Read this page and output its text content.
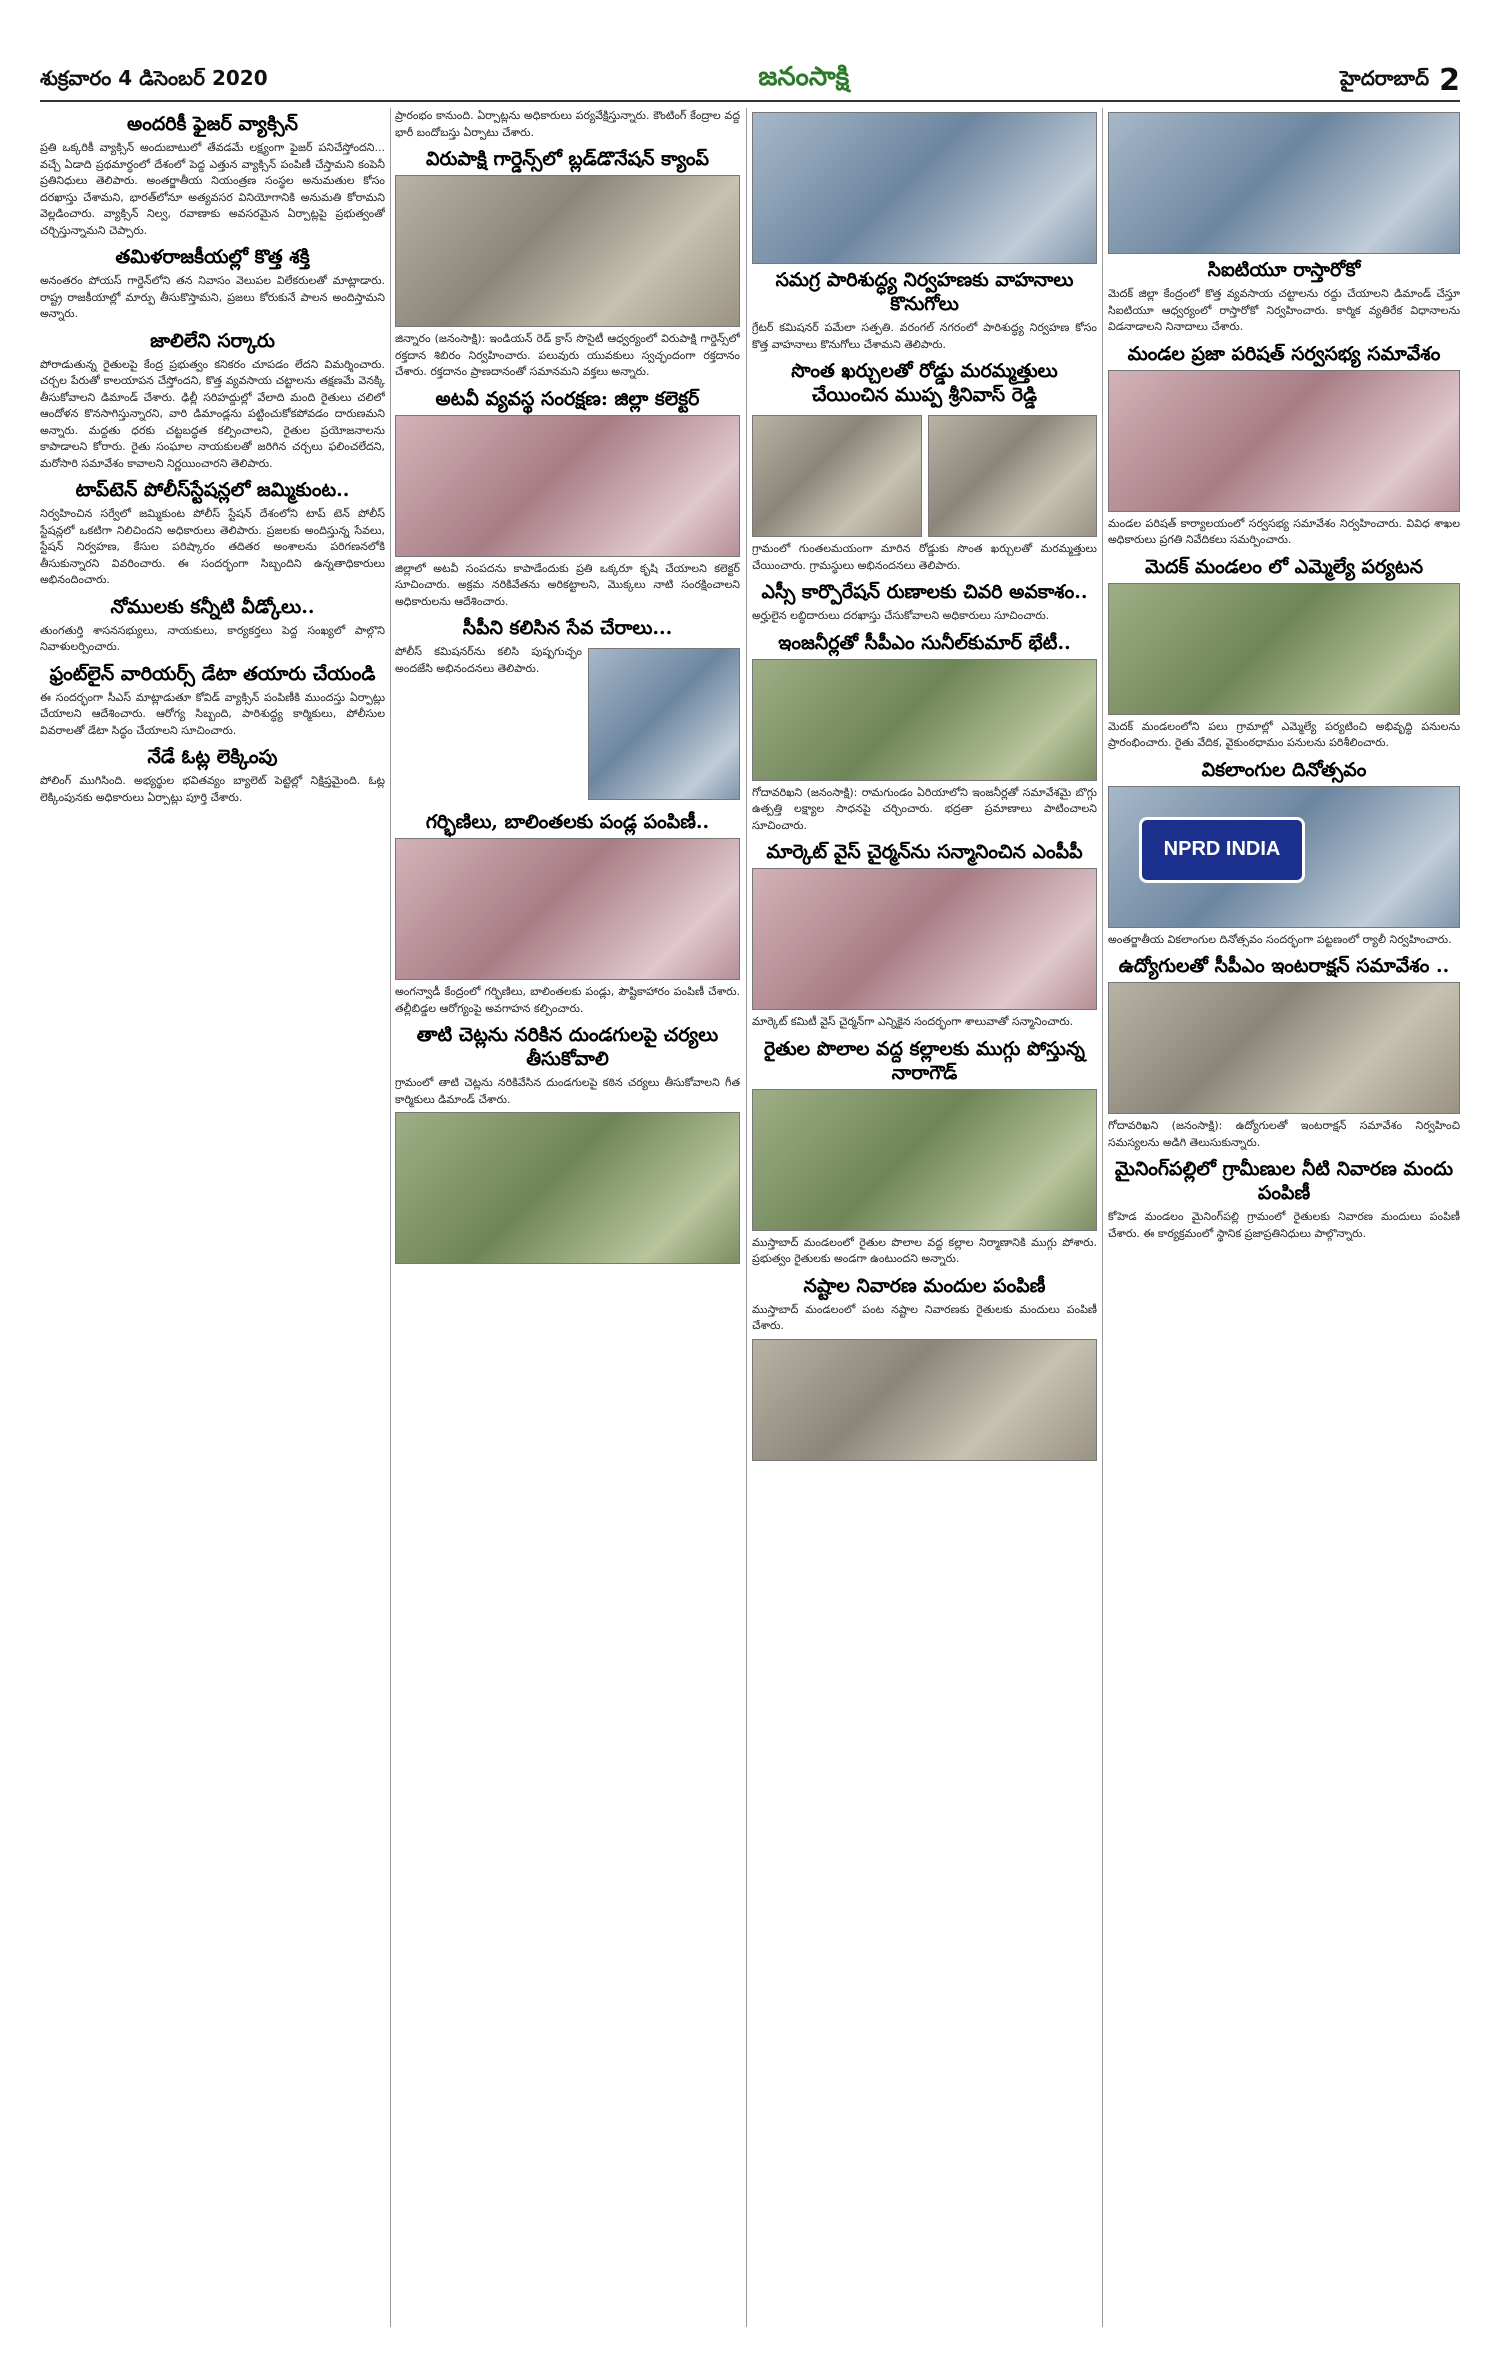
శుక్రవారం 4 డిసెంబర్ 2020	జనంసాక్షి	హైదరాబాద్ 2
అందరికీ ఫైజర్ వ్యాక్సిన్

ప్రతి ఒక్కరికీ వ్యాక్సిన్ అందుబాటులో తేవడమే లక్ష్యంగా ఫైజర్ పనిచేస్తోందని... వచ్చే ఏడాది ప్రథమార్ధంలో దేశంలో పెద్ద ఎత్తున వ్యాక్సిన్ పంపిణీ చేస్తామని కంపెనీ ప్రతినిధులు తెలిపారు. అంతర్జాతీయ నియంత్రణ సంస్థల అనుమతుల కోసం దరఖాస్తు చేశామని, భారత్‌లోనూ అత్యవసర వినియోగానికి అనుమతి కోరామని వెల్లడించారు. వ్యాక్సిన్ నిల్వ, రవాణాకు అవసరమైన ఏర్పాట్లపై ప్రభుత్వంతో చర్చిస్తున్నామని చెప్పారు.

తమిళరాజకీయల్లో కొత్త శక్తి

అనంతరం పోయస్ గార్డెన్‌లోని తన నివాసం వెలుపల విలేకరులతో మాట్లాడారు. రాష్ట్ర రాజకీయాల్లో మార్పు తీసుకొస్తామని, ప్రజలు కోరుకునే పాలన అందిస్తామని అన్నారు.

జాలిలేని సర్కారు

పోరాడుతున్న రైతులపై కేంద్ర ప్రభుత్వం కనికరం చూపడం లేదని విమర్శించారు. చర్చల పేరుతో కాలయాపన చేస్తోందని, కొత్త వ్యవసాయ చట్టాలను తక్షణమే వెనక్కి తీసుకోవాలని డిమాండ్ చేశారు. ఢిల్లీ సరిహద్దుల్లో వేలాది మంది రైతులు చలిలో ఆందోళన కొనసాగిస్తున్నారని, వారి డిమాండ్లను పట్టించుకోకపోవడం దారుణమని అన్నారు. మద్దతు ధరకు చట్టబద్ధత కల్పించాలని, రైతుల ప్రయోజనాలను కాపాడాలని కోరారు. రైతు సంఘాల నాయకులతో జరిగిన చర్చలు ఫలించలేదని, మరోసారి సమావేశం కావాలని నిర్ణయించారని తెలిపారు.

టాప్‌టెన్ పోలీస్‌స్టేషన్లలో జమ్మికుంట..

నిర్వహించిన సర్వేలో జమ్మికుంట పోలీస్ స్టేషన్ దేశంలోని టాప్ టెన్ పోలీస్ స్టేషన్లలో ఒకటిగా నిలిచిందని అధికారులు తెలిపారు. ప్రజలకు అందిస్తున్న సేవలు, స్టేషన్ నిర్వహణ, కేసుల పరిష్కారం తదితర అంశాలను పరిగణనలోకి తీసుకున్నారని వివరించారు. ఈ సందర్భంగా సిబ్బందిని ఉన్నతాధికారులు అభినందించారు.

నోములకు కన్నీటి వీడ్కోలు..

తుంగతుర్తి శాసనసభ్యులు, నాయకులు, కార్యకర్తలు పెద్ద సంఖ్యలో పాల్గొని నివాళులర్పించారు.

ఫ్రంట్‌లైన్ వారియర్స్ డేటా తయారు చేయండి

ఈ సందర్భంగా సీఎస్ మాట్లాడుతూ కోవిడ్ వ్యాక్సిన్ పంపిణీకి ముందస్తు ఏర్పాట్లు చేయాలని ఆదేశించారు. ఆరోగ్య సిబ్బంది, పారిశుద్ధ్య కార్మికులు, పోలీసుల వివరాలతో డేటా సిద్ధం చేయాలని సూచించారు.

నేడే ఓట్ల లెక్కింపు

పోలింగ్ ముగిసింది. అభ్యర్థుల భవితవ్యం బ్యాలెట్ పెట్టెల్లో నిక్షిప్తమైంది. ఓట్ల లెక్కింపునకు అధికారులు ఏర్పాట్లు పూర్తి చేశారు.

ప్రారంభం కానుంది. ఏర్పాట్లను అధికారులు పర్యవేక్షిస్తున్నారు. కౌంటింగ్ కేంద్రాల వద్ద భారీ బందోబస్తు ఏర్పాటు చేశారు.

విరుపాక్షి గార్డెన్స్‌లో బ్లడ్‌డొనేషన్ క్యాంప్

జిన్నారం (జనంసాక్షి): ఇండియన్ రెడ్ క్రాస్ సొసైటీ ఆధ్వర్యంలో విరుపాక్షి గార్డెన్స్‌లో రక్తదాన శిబిరం నిర్వహించారు. పలువురు యువకులు స్వచ్ఛందంగా రక్తదానం చేశారు. రక్తదానం ప్రాణదానంతో సమానమని వక్తలు అన్నారు.

అటవీ వ్యవస్థ సంరక్షణ: జిల్లా కలెక్టర్

జిల్లాలో అటవీ సంపదను కాపాడేందుకు ప్రతి ఒక్కరూ కృషి చేయాలని కలెక్టర్ సూచించారు. అక్రమ నరికివేతను అరికట్టాలని, మొక్కలు నాటి సంరక్షించాలని అధికారులను ఆదేశించారు.

సీపీని కలిసిన సేవ చేరాలు...

పోలీస్ కమిషనర్‌ను కలిసి పుష్పగుచ్ఛం అందజేసి అభినందనలు తెలిపారు.

గర్భిణిలు, బాలింతలకు పండ్ల పంపిణీ..

అంగన్వాడీ కేంద్రంలో గర్భిణిలు, బాలింతలకు పండ్లు, పౌష్టికాహారం పంపిణీ చేశారు. తల్లీబిడ్డల ఆరోగ్యంపై అవగాహన కల్పించారు.

తాటి చెట్లను నరికిన దుండగులపై చర్యలు తీసుకోవాలి

గ్రామంలో తాటి చెట్లను నరికివేసిన దుండగులపై కఠిన చర్యలు తీసుకోవాలని గీత కార్మికులు డిమాండ్ చేశారు.

సమగ్ర పారిశుద్ధ్య నిర్వహణకు వాహనాలు కొనుగోలు

గ్రేటర్ కమిషనర్ పమేలా సత్పతి. వరంగల్ నగరంలో పారిశుద్ధ్య నిర్వహణ కోసం కొత్త వాహనాలు కొనుగోలు చేశామని తెలిపారు.

సొంత ఖర్చులతో రోడ్డు మరమ్మత్తులు చేయించిన ముప్ప శ్రీనివాస్ రెడ్డి

గ్రామంలో గుంతలమయంగా మారిన రోడ్డుకు సొంత ఖర్చులతో మరమ్మత్తులు చేయించారు. గ్రామస్థులు అభినందనలు తెలిపారు.

ఎస్సీ కార్పొరేషన్ రుణాలకు చివరి అవకాశం..

అర్హులైన లబ్ధిదారులు దరఖాస్తు చేసుకోవాలని అధికారులు సూచించారు.

ఇంజనీర్లతో సీపీఎం సునీల్‌కుమార్ భేటీ..

గోదావరిఖని (జనంసాక్షి): రామగుండం ఏరియాలోని ఇంజనీర్లతో సమావేశమై బొగ్గు ఉత్పత్తి లక్ష్యాల సాధనపై చర్చించారు. భద్రతా ప్రమాణాలు పాటించాలని సూచించారు.

మార్కెట్ వైస్ చైర్మన్‌ను సన్మానించిన ఎంపీపీ

మార్కెట్ కమిటీ వైస్ చైర్మన్‌గా ఎన్నికైన సందర్భంగా శాలువాతో సన్మానించారు.

రైతుల పొలాల వద్ద కల్లాలకు ముగ్గు పోస్తున్న నారాగౌడ్

ముస్తాబాద్ మండలంలో రైతుల పొలాల వద్ద కల్లాల నిర్మాణానికి ముగ్గు పోశారు. ప్రభుత్వం రైతులకు అండగా ఉంటుందని అన్నారు.

నష్టాల నివారణ మందుల పంపిణీ

ముస్తాబాద్ మండలంలో పంట నష్టాల నివారణకు రైతులకు మందులు పంపిణీ చేశారు.

సిఐటియూ రాస్తారోకో

మెదక్ జిల్లా కేంద్రంలో కొత్త వ్యవసాయ చట్టాలను రద్దు చేయాలని డిమాండ్ చేస్తూ సిఐటియూ ఆధ్వర్యంలో రాస్తారోకో నిర్వహించారు. కార్మిక వ్యతిరేక విధానాలను విడనాడాలని నినాదాలు చేశారు.

మండల ప్రజా పరిషత్ సర్వసభ్య సమావేశం

మండల పరిషత్ కార్యాలయంలో సర్వసభ్య సమావేశం నిర్వహించారు. వివిధ శాఖల అధికారులు ప్రగతి నివేదికలు సమర్పించారు.

మెదక్ మండలం లో ఎమ్మెల్యే పర్యటన

మెదక్ మండలంలోని పలు గ్రామాల్లో ఎమ్మెల్యే పర్యటించి అభివృద్ధి పనులను ప్రారంభించారు. రైతు వేదిక, వైకుంఠధామం పనులను పరిశీలించారు.

వికలాంగుల దినోత్సవం
NPRD INDIA

అంతర్జాతీయ వికలాంగుల దినోత్సవం సందర్భంగా పట్టణంలో ర్యాలీ నిర్వహించారు.

ఉద్యోగులతో సీపీఎం ఇంటరాక్షన్ సమావేశం ..

గోదావరిఖని (జనంసాక్షి): ఉద్యోగులతో ఇంటరాక్షన్ సమావేశం నిర్వహించి సమస్యలను అడిగి తెలుసుకున్నారు.

మైనింగ్‌పల్లిలో గ్రామీణుల నీటి నివారణ మందు పంపిణీ

కోహెడ మండలం మైనింగ్‌పల్లి గ్రామంలో రైతులకు నివారణ మందులు పంపిణీ చేశారు. ఈ కార్యక్రమంలో స్థానిక ప్రజాప్రతినిధులు పాల్గొన్నారు.
